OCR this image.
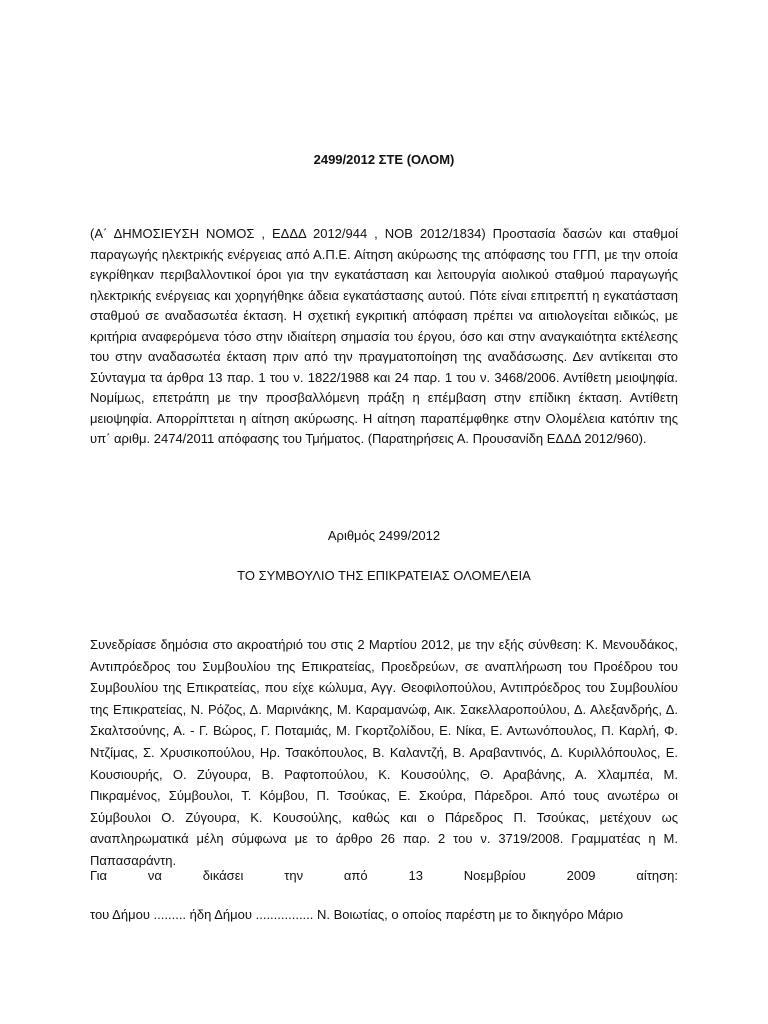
2499/2012 ΣΤΕ (ΟΛΟΜ)
(Α΄ ΔΗΜΟΣΙΕΥΣΗ ΝΟΜΟΣ , ΕΔΔΔ 2012/944 , ΝΟΒ 2012/1834) Προστασία δασών και σταθμοί παραγωγής ηλεκτρικής ενέργειας από Α.Π.Ε. Αίτηση ακύρωσης της απόφασης του ΓΓΠ, με την οποία εγκρίθηκαν περιβαλλοντικοί όροι για την εγκατάσταση και λειτουργία αιολικού σταθμού παραγωγής ηλεκτρικής ενέργειας και χορηγήθηκε άδεια εγκατάστασης αυτού. Πότε είναι επιτρεπτή η εγκατάσταση σταθμού σε αναδασωτέα έκταση. Η σχετική εγκριτική απόφαση πρέπει να αιτιολογείται ειδικώς, με κριτήρια αναφερόμενα τόσο στην ιδιαίτερη σημασία του έργου, όσο και στην αναγκαιότητα εκτέλεσης του στην αναδασωτέα έκταση πριν από την πραγματοποίηση της αναδάσωσης. Δεν αντίκειται στο Σύνταγμα τα άρθρα 13 παρ. 1 του ν. 1822/1988 και 24 παρ. 1 του ν. 3468/2006. Αντίθετη μειοψηφία. Νομίμως, επετράπη με την προσβαλλόμενη πράξη η επέμβαση στην επίδικη έκταση. Αντίθετη μειοψηφία. Απορρίπτεται η αίτηση ακύρωσης. Η αίτηση παραπέμφθηκε στην Ολομέλεια κατόπιν της υπ΄ αριθμ. 2474/2011 απόφασης του Τμήματος. (Παρατηρήσεις Α. Προυσανίδη ΕΔΔΔ 2012/960).
Αριθμός 2499/2012
ΤΟ ΣΥΜΒΟΥΛΙΟ ΤΗΣ ΕΠΙΚΡΑΤΕΙΑΣ ΟΛΟΜΕΛΕΙΑ
Συνεδρίασε δημόσια στο ακροατήριό του στις 2 Μαρτίου 2012, με την εξής σύνθεση: Κ. Μενουδάκος, Αντιπρόεδρος του Συμβουλίου της Επικρατείας, Προεδρεύων, σε αναπλήρωση του Προέδρου του Συμβουλίου της Επικρατείας, που είχε κώλυμα, Αγγ. Θεοφιλοπούλου, Αντιπρόεδρος του Συμβουλίου της Επικρατείας, Ν. Ρόζος, Δ. Μαρινάκης, Μ. Καραμανώφ, Αικ. Σακελλαροπούλου, Δ. Αλεξανδρής, Δ. Σκαλτσούνης, Α. - Γ. Βώρος, Γ. Ποταμιάς, Μ. Γκορτζολίδου, Ε. Νίκα, Ε. Αντωνόπουλος, Π. Καρλή, Φ. Ντζίμας, Σ. Χρυσικοπούλου, Ηρ. Τσακόπουλος, Β. Καλαντζή, Β. Αραβαντινός, Δ. Κυριλλόπουλος, Ε. Κουσιουρής, Ο. Ζύγουρα, Β. Ραφτοπούλου, Κ. Κουσούλης, Θ. Αραβάνης, Α. Χλαμπέα, Μ. Πικραμένος, Σύμβουλοι, Τ. Κόμβου, Π. Τσούκας, Ε. Σκούρα, Πάρεδροι. Από τους ανωτέρω οι Σύμβουλοι Ο. Ζύγουρα, Κ. Κουσούλης, καθώς και ο Πάρεδρος Π. Τσούκας, μετέχουν ως αναπληρωματικά μέλη σύμφωνα με το άρθρο 26 παρ. 2 του ν. 3719/2008. Γραμματέας η Μ. Παπασαράντη.
Για να δικάσει την από 13 Νοεμβρίου 2009 αίτηση:
του Δήμου ......... ήδη Δήμου ................ Ν. Βοιωτίας, ο οποίος παρέστη με το δικηγόρο Μάριο
